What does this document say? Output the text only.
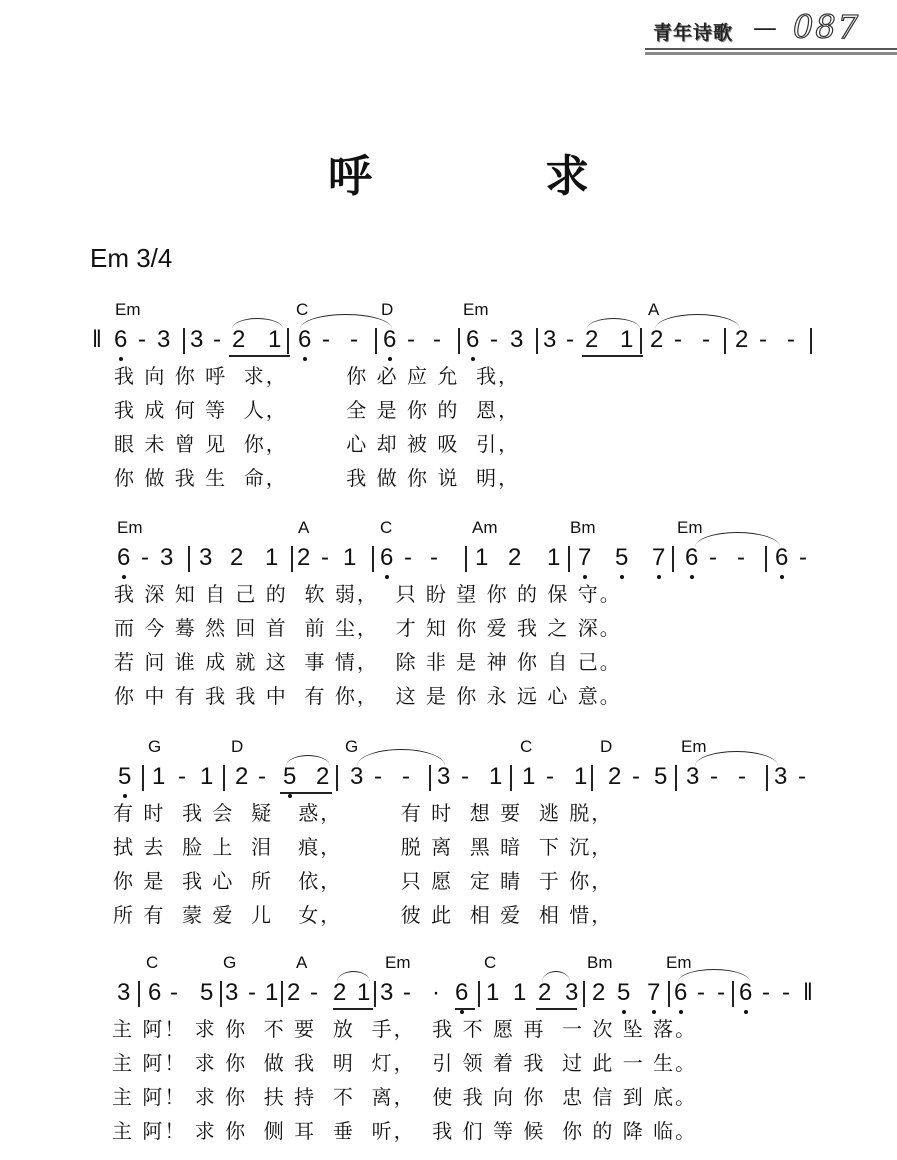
青年诗歌 — 087
呼	求
Em 3/4
Em	C	D	Em	A
‖ 6 - 3 3 - 2 1 6 - - 6 - - 6 - 3 3 - 2 1 2 - - 2 - -
我 向 你 呼  求，       你 必 应 允  我，
我 成 何 等  人，       全 是 你 的  恩，
眼 未 曾 见  你，       心 却 被 吸  引，
你 做 我 生  命，       我 做 你 说  明，
Em	A	C	Am	Bm	Em
6 - 3 3 2 1 2 - 1 6 - - 1 2 1 7 5 7 6 - - 6 -
我 深 知 自 己 的  软 弱，  只 盼 望 你 的 保 守。
而 今 蓦 然 回 首  前 尘，  才 知 你 爱 我 之 深。
若 问 谁 成 就 这  事 情，  除 非 是 神 你 自 己。
你 中 有 我 我 中  有 你，  这 是 你 永 远 心 意。
G	D	G	C	D	Em
5 1 - 1 2 - 5 2 3 - - 3 - 1 1 - 1 2 - 5 3 - - 3 -
有 时  我 会  疑   惑，       有 时  想 要  逃 脱，
拭 去  脸 上  泪   痕，       脱 离  黑 暗  下 沉，
你 是  我 心  所   依，       只 愿  定 睛  于 你，
所 有  蒙 爱  儿   女，       彼 此  相 爱  相 惜，
C	G	A	Em	C	Bm	Em
3 6 - 5 3 - 1 2 - 2 1 3 - · 6 1 1 2 3 2 5 7 6 - - 6 - - ‖
主 阿！ 求 你  不 要  放  手，  我 不 愿 再  一 次 坠 落。
主 阿！ 求 你  做 我  明  灯，  引 领 着 我  过 此 一 生。
主 阿！ 求 你  扶 持  不  离，  使 我 向 你  忠 信 到 底。
主 阿！ 求 你  侧 耳  垂  听，  我 们 等 候  你 的 降 临。
